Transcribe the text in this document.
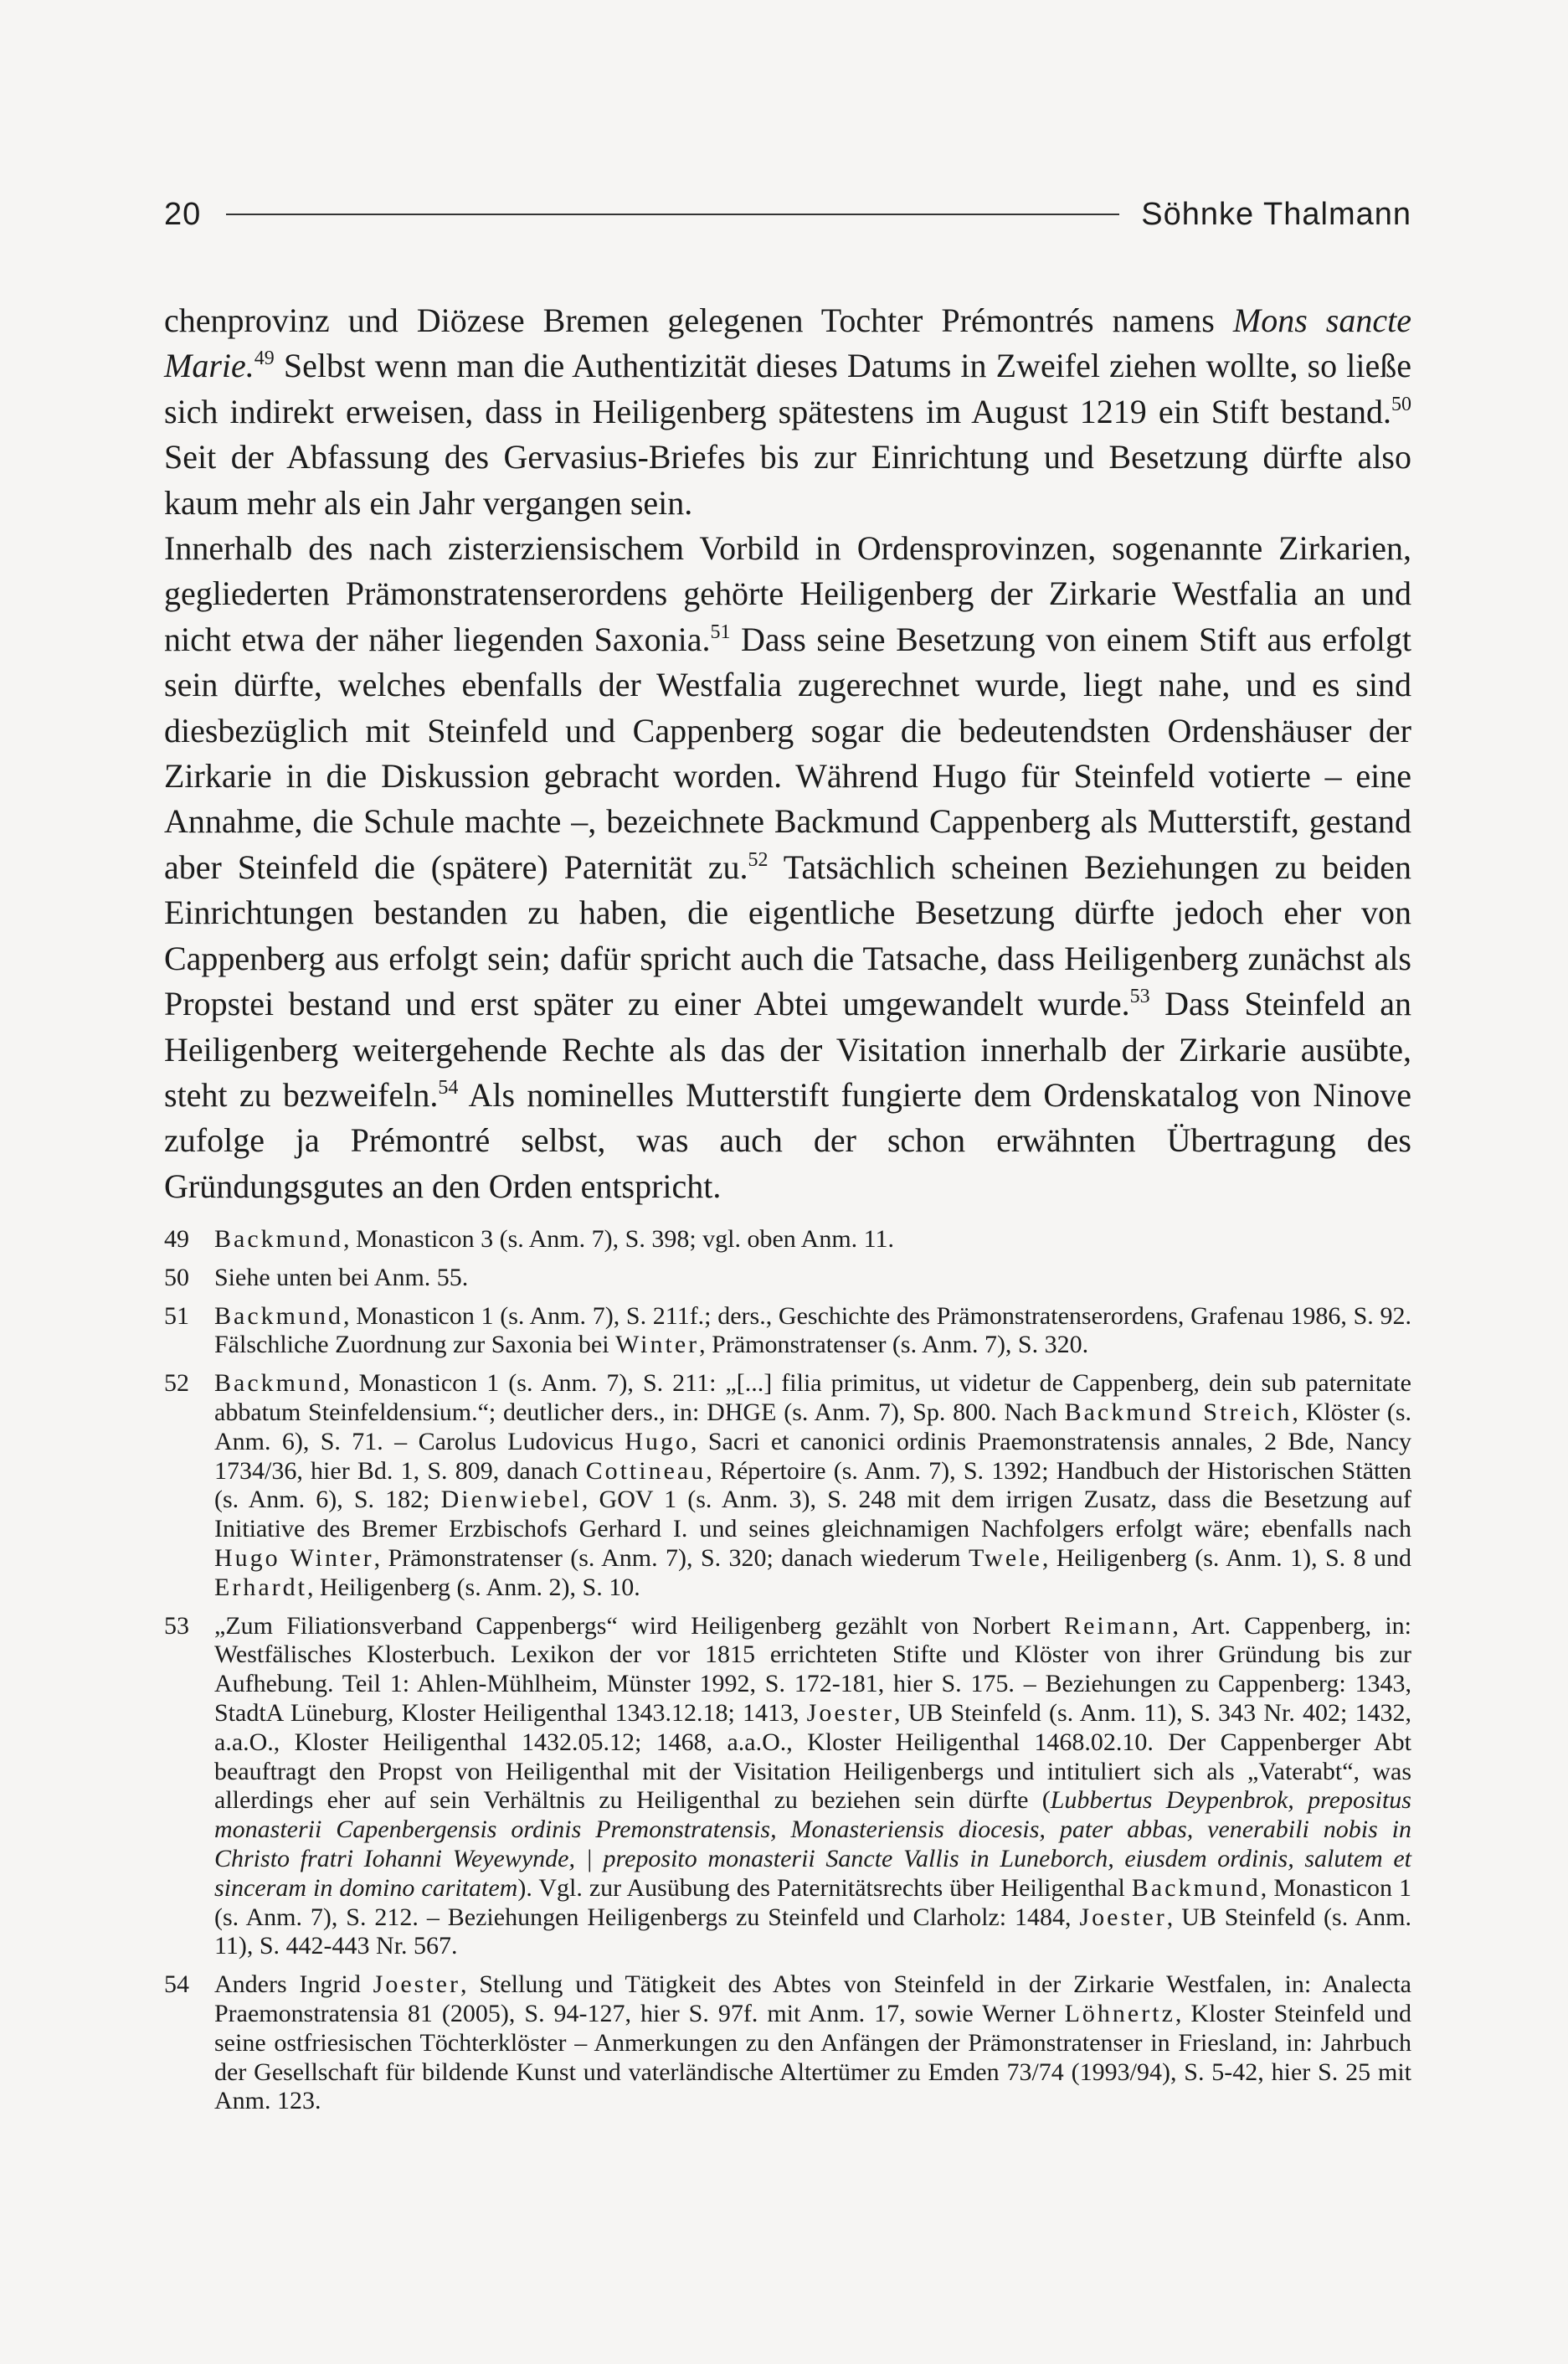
20	Söhnke Thalmann

chenprovinz und Diözese Bremen gelegenen Tochter Prémontrés namens Mons sancte Marie.$^{49}$ Selbst wenn man die Authentizität dieses Datums in Zweifel ziehen wollte, so ließe sich indirekt erweisen, dass in Heiligenberg spätestens im August 1219 ein Stift bestand.$^{50}$ Seit der Abfassung des Gervasius-Briefes bis zur Einrichtung und Besetzung dürfte also kaum mehr als ein Jahr vergangen sein.

Innerhalb des nach zisterziensischem Vorbild in Ordensprovinzen, sogenannte Zirkarien, gegliederten Prämonstratenserordens gehörte Heiligenberg der Zirkarie Westfalia an und nicht etwa der näher liegenden Saxonia.$^{51}$ Dass seine Besetzung von einem Stift aus erfolgt sein dürfte, welches ebenfalls der Westfalia zugerechnet wurde, liegt nahe, und es sind diesbezüglich mit Steinfeld und Cappenberg sogar die bedeutendsten Ordenshäuser der Zirkarie in die Diskussion gebracht worden. Während Hugo für Steinfeld votierte – eine Annahme, die Schule machte –, bezeichnete Backmund Cappenberg als Mutterstift, gestand aber Steinfeld die (spätere) Paternität zu.$^{52}$ Tatsächlich scheinen Beziehungen zu beiden Einrichtungen bestanden zu haben, die eigentliche Besetzung dürfte jedoch eher von Cappenberg aus erfolgt sein; dafür spricht auch die Tatsache, dass Heiligenberg zunächst als Propstei bestand und erst später zu einer Abtei umgewandelt wurde.$^{53}$ Dass Steinfeld an Heiligenberg weitergehende Rechte als das der Visitation innerhalb der Zirkarie ausübte, steht zu bezweifeln.$^{54}$ Als nominelles Mutterstift fungierte dem Ordenskatalog von Ninove zufolge ja Prémontré selbst, was auch der schon erwähnten Übertragung des Gründungsgutes an den Orden entspricht.

49	Backmund, Monasticon 3 (s. Anm. 7), S. 398; vgl. oben Anm. 11.
50	Siehe unten bei Anm. 55.
51	Backmund, Monasticon 1 (s. Anm. 7), S. 211f.; ders., Geschichte des Prämonstratenserordens, Grafenau 1986, S. 92. Fälschliche Zuordnung zur Saxonia bei Winter, Prämonstratenser (s. Anm. 7), S. 320.
52	Backmund, Monasticon 1 (s. Anm. 7), S. 211: „[...] filia primitus, ut videtur de Cappenberg, dein sub paternitate abbatum Steinfeldensium.“; deutlicher ders., in: DHGE (s. Anm. 7), Sp. 800. Nach Backmund Streich, Klöster (s. Anm. 6), S. 71. – Carolus Ludovicus Hugo, Sacri et canonici ordinis Praemonstratensis annales, 2 Bde, Nancy 1734/36, hier Bd. 1, S. 809, danach Cottineau, Répertoire (s. Anm. 7), S. 1392; Handbuch der Historischen Stätten (s. Anm. 6), S. 182; Dienwiebel, GOV 1 (s. Anm. 3), S. 248 mit dem irrigen Zusatz, dass die Besetzung auf Initiative des Bremer Erzbischofs Gerhard I. und seines gleichnamigen Nachfolgers erfolgt wäre; ebenfalls nach Hugo Winter, Prämonstratenser (s. Anm. 7), S. 320; danach wiederum Twele, Heiligenberg (s. Anm. 1), S. 8 und Erhardt, Heiligenberg (s. Anm. 2), S. 10.
53	„Zum Filiationsverband Cappenbergs“ wird Heiligenberg gezählt von Norbert Reimann, Art. Cappenberg, in: Westfälisches Klosterbuch. Lexikon der vor 1815 errichteten Stifte und Klöster von ihrer Gründung bis zur Aufhebung. Teil 1: Ahlen-Mühlheim, Münster 1992, S. 172-181, hier S. 175. – Beziehungen zu Cappenberg: 1343, StadtA Lüneburg, Kloster Heiligenthal 1343.12.18; 1413, Joester, UB Steinfeld (s. Anm. 11), S. 343 Nr. 402; 1432, a.a.O., Kloster Heiligenthal 1432.05.12; 1468, a.a.O., Kloster Heiligenthal 1468.02.10. Der Cappenberger Abt beauftragt den Propst von Heiligenthal mit der Visitation Heiligenbergs und intituliert sich als „Vaterabt“, was allerdings eher auf sein Verhältnis zu Heiligenthal zu beziehen sein dürfte (Lubbertus Deypenbrok, prepositus monasterii Capenbergensis ordinis Premonstratensis, Monasteriensis diocesis, pater abbas, venerabili nobis in Christo fratri Iohanni Weyewynde, | preposito monasterii Sancte Vallis in Luneborch, eiusdem ordinis, salutem et sinceram in domino caritatem). Vgl. zur Ausübung des Paternitätsrechts über Heiligenthal Backmund, Monasticon 1 (s. Anm. 7), S. 212. – Beziehungen Heiligenbergs zu Steinfeld und Clarholz: 1484, Joester, UB Steinfeld (s. Anm. 11), S. 442-443 Nr. 567.
54	Anders Ingrid Joester, Stellung und Tätigkeit des Abtes von Steinfeld in der Zirkarie Westfalen, in: Analecta Praemonstratensia 81 (2005), S. 94-127, hier S. 97f. mit Anm. 17, sowie Werner Löhnertz, Kloster Steinfeld und seine ostfriesischen Töchterklöster – Anmerkungen zu den Anfängen der Prämonstratenser in Friesland, in: Jahrbuch der Gesellschaft für bildende Kunst und vaterländische Altertümer zu Emden 73/74 (1993/94), S. 5-42, hier S. 25 mit Anm. 123.
